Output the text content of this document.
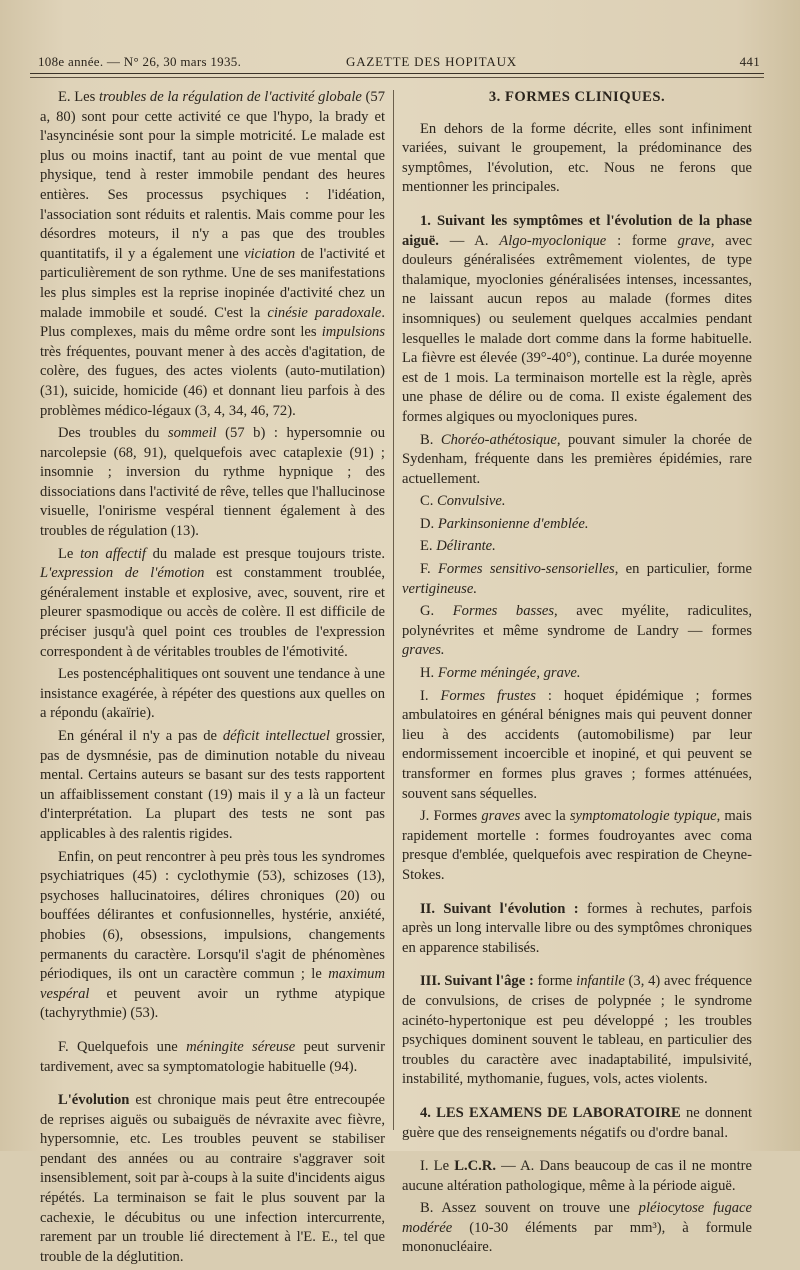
108e année. — N° 26, 30 mars 1935.	GAZETTE DES HOPITAUX	441

E. Les troubles de la régulation de l'activité globale (57 a, 80) sont pour cette activité ce que l'hypo, la brady et l'asyncinésie sont pour la simple motricité. Le malade est plus ou moins inactif, tant au point de vue mental que physique, tend à rester immobile pendant des heures entières. Ses processus psychiques : l'idéation, l'association sont réduits et ralentis. Mais comme pour les désordres moteurs, il n'y a pas que des troubles quantitatifs, il y a également une viciation de l'activité et particulièrement de son rythme. Une de ses manifestations les plus simples est la reprise inopinée d'activité chez un malade immobile et soudé. C'est la cinésie paradoxale. Plus complexes, mais du même ordre sont les impulsions très fréquentes, pouvant mener à des accès d'agitation, de colère, des fugues, des actes violents (auto-mutilation) (31), suicide, homicide (46) et donnant lieu parfois à des problèmes médico-légaux (3, 4, 34, 46, 72).

Des troubles du sommeil (57 b) : hypersomnie ou narcolepsie (68, 91), quelquefois avec cataplexie (91) ; insomnie ; inversion du rythme hypnique ; des dissociations dans l'activité de rêve, telles que l'hallucinose visuelle, l'onirisme vespéral tiennent également à des troubles de régulation (13).

Le ton affectif du malade est presque toujours triste. L'expression de l'émotion est constamment troublée, généralement instable et explosive, avec, souvent, rire et pleurer spasmodique ou accès de colère. Il est difficile de préciser jusqu'à quel point ces troubles de l'expression correspondent à de véritables troubles de l'émotivité.

Les postencéphalitiques ont souvent une tendance à une insistance exagérée, à répéter des questions aux quelles on a répondu (akaïrie).

En général il n'y a pas de déficit intellectuel grossier, pas de dysmnésie, pas de diminution notable du niveau mental. Certains auteurs se basant sur des tests rapportent un affaiblissement constant (19) mais il y a là un facteur d'interprétation. La plupart des tests ne sont pas applicables à des ralentis rigides.

Enfin, on peut rencontrer à peu près tous les syndromes psychiatriques (45) : cyclothymie (53), schizoses (13), psychoses hallucinatoires, délires chroniques (20) ou bouffées délirantes et confusionnelles, hystérie, anxiété, phobies (6), obsessions, impulsions, changements permanents du caractère. Lorsqu'il s'agit de phénomènes périodiques, ils ont un caractère commun ; le maximum vespéral et peuvent avoir un rythme atypique (tachyrythmie) (53).

F. Quelquefois une méningite séreuse peut survenir tardivement, avec sa symptomatologie habituelle (94).

L'évolution est chronique mais peut être entrecoupée de reprises aiguës ou subaiguës de névraxite avec fièvre, hypersomnie, etc. Les troubles peuvent se stabiliser pendant des années ou au contraire s'aggraver soit insensiblement, soit par à-coups à la suite d'incidents aigus répétés. La terminaison se fait le plus souvent par la cachexie, le décubitus ou une infection intercurrente, rarement par un trouble lié directement à l'E. E., tel que trouble de la déglutition.

3. FORMES CLINIQUES.

En dehors de la forme décrite, elles sont infiniment variées, suivant le groupement, la prédominance des symptômes, l'évolution, etc. Nous ne ferons que mentionner les principales.

1. Suivant les symptômes et l'évolution de la phase aiguë. — A. Algo-myoclonique : forme grave, avec douleurs généralisées extrêmement violentes, de type thalamique, myoclonies généralisées intenses, incessantes, ne laissant aucun repos au malade (formes dites insomniques) ou seulement quelques accalmies pendant lesquelles le malade dort comme dans la forme habituelle. La fièvre est élevée (39°-40°), continue. La durée moyenne est de 1 mois. La terminaison mortelle est la règle, après une phase de délire ou de coma. Il existe également des formes algiques ou myocloniques pures.

B. Choréo-athétosique, pouvant simuler la chorée de Sydenham, fréquente dans les premières épidémies, rare actuellement.

C. Convulsive.

D. Parkinsonienne d'emblée.

E. Délirante.

F. Formes sensitivo-sensorielles, en particulier, forme vertigineuse.

G. Formes basses, avec myélite, radiculites, polynévrites et même syndrome de Landry — formes graves.

H. Forme méningée, grave.

I. Formes frustes : hoquet épidémique ; formes ambulatoires en général bénignes mais qui peuvent donner lieu à des accidents (automobilisme) par leur endormissement incoercible et inopiné, et qui peuvent se transformer en formes plus graves ; formes atténuées, souvent sans séquelles.

J. Formes graves avec la symptomatologie typique, mais rapidement mortelle : formes foudroyantes avec coma presque d'emblée, quelquefois avec respiration de Cheyne-Stokes.

II. Suivant l'évolution : formes à rechutes, parfois après un long intervalle libre ou des symptômes chroniques en apparence stabilisés.

III. Suivant l'âge : forme infantile (3, 4) avec fréquence de convulsions, de crises de polypnée ; le syndrome acinéto-hypertonique est peu développé ; les troubles psychiques dominent souvent le tableau, en particulier des troubles du caractère avec inadaptabilité, impulsivité, instabilité, mythomanie, fugues, vols, actes violents.

4. LES EXAMENS DE LABORATOIRE ne donnent guère que des renseignements négatifs ou d'ordre banal.

I. Le L.C.R. — A. Dans beaucoup de cas il ne montre aucune altération pathologique, même à la période aiguë.

B. Assez souvent on trouve une pléiocytose fugace modérée (10-30 éléments par mm³), à formule mononucléaire.
